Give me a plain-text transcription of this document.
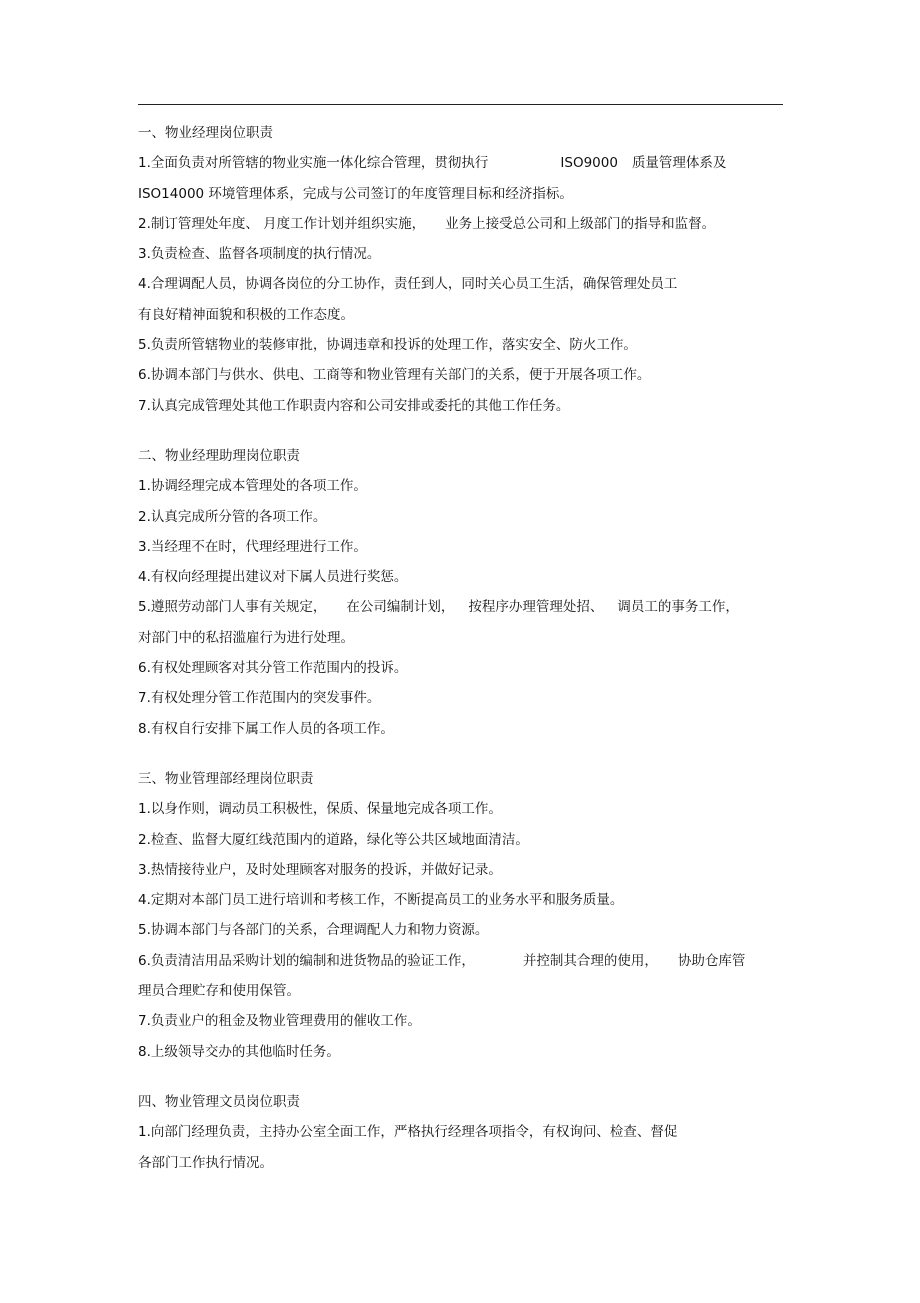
一、物业经理岗位职责
1.全面负责对所管辖的物业实施一体化综合管理，贯彻执行	ISO9000 质量管理体系及
ISO14000 环境管理体系，完成与公司签订的年度管理目标和经济指标。
2.制订管理处年度、 月度工作计划并组织实施， 业务上接受总公司和上级部门的指导和监督。
3.负责检查、监督各项制度的执行情况。
4.合理调配人员，协调各岗位的分工协作，责任到人，同时关心员工生活，确保管理处员工
有良好精神面貌和积极的工作态度。
5.负责所管辖物业的装修审批，协调违章和投诉的处理工作，落实安全、防火工作。
6.协调本部门与供水、供电、工商等和物业管理有关部门的关系，便于开展各项工作。
7.认真完成管理处其他工作职责内容和公司安排或委托的其他工作任务。
二、物业经理助理岗位职责
1.协调经理完成本管理处的各项工作。
2.认真完成所分管的各项工作。
3.当经理不在时，代理经理进行工作。
4.有权向经理提出建议对下属人员进行奖惩。
5.遵照劳动部门人事有关规定， 在公司编制计划， 按程序办理管理处招、 调员工的事务工作，
对部门中的私招滥雇行为进行处理。
6.有权处理顾客对其分管工作范围内的投诉。
7.有权处理分管工作范围内的突发事件。
8.有权自行安排下属工作人员的各项工作。
三、物业管理部经理岗位职责
1.以身作则，调动员工积极性，保质、保量地完成各项工作。
2.检查、监督大厦红线范围内的道路，绿化等公共区域地面清洁。
3.热情接待业户，及时处理顾客对服务的投诉，并做好记录。
4.定期对本部门员工进行培训和考核工作，不断提高员工的业务水平和服务质量。
5.协调本部门与各部门的关系，合理调配人力和物力资源。
6.负责清洁用品采购计划的编制和进货物品的验证工作，	并控制其合理的使用， 协助仓库管
理员合理贮存和使用保管。
7.负责业户的租金及物业管理费用的催收工作。
8.上级领导交办的其他临时任务。
四、物业管理文员岗位职责
1.向部门经理负责，主持办公室全面工作，严格执行经理各项指令，有权询问、检查、督促
各部门工作执行情况。
